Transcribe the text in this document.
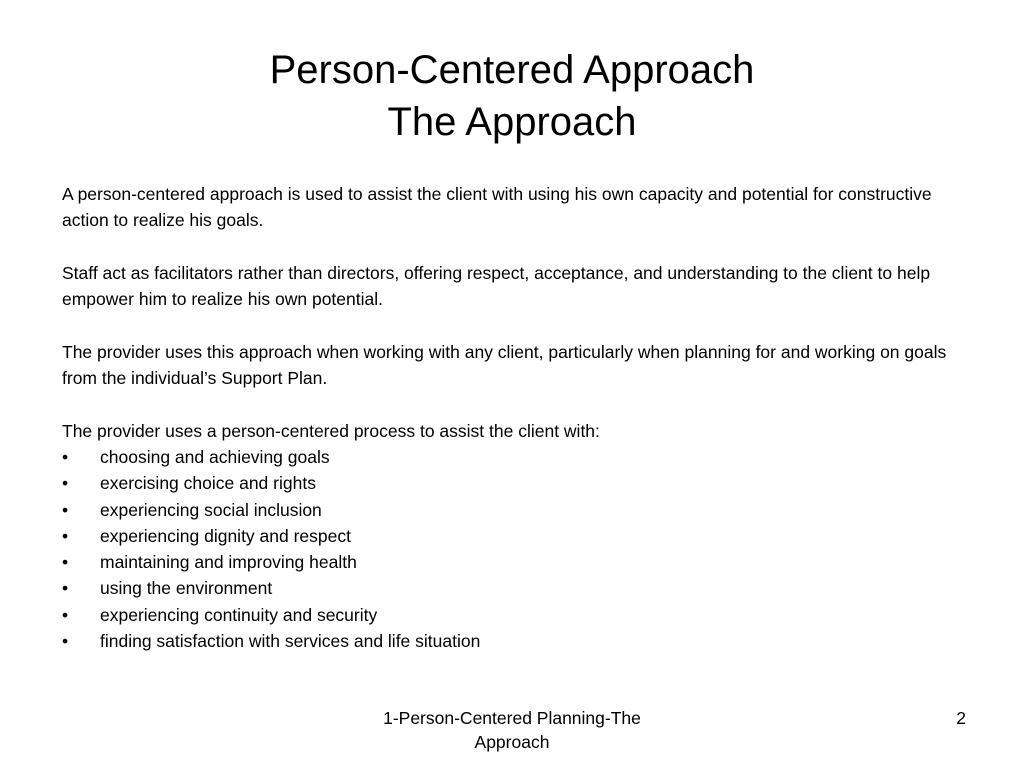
Person-Centered Approach
The Approach

A person-centered approach is used to assist the client with using his own capacity and potential for constructive action to realize his goals.

Staff act as facilitators rather than directors, offering respect, acceptance, and understanding to the client to help empower him to realize his own potential.

The provider uses this approach when working with any client, particularly when planning for and working on goals from the individual’s Support Plan.

The provider uses a person-centered process to assist the client with:

• choosing and achieving goals
• exercising choice and rights
• experiencing social inclusion
• experiencing dignity and respect
• maintaining and improving health
• using the environment
• experiencing continuity and security
• finding satisfaction with services and life situation
1-Person-Centered Planning-The Approach
2
